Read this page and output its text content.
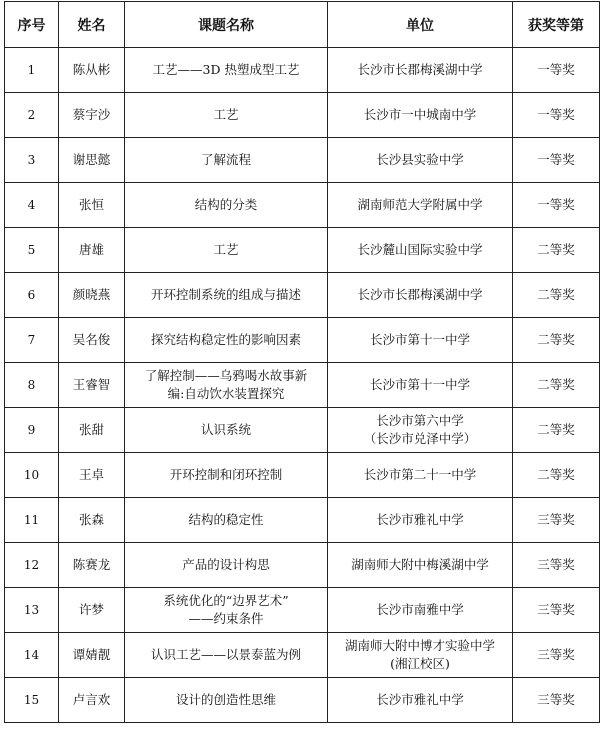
序号	姓名	课题名称	单位	获奖等第
1	陈从彬	工艺——3D 热塑成型工艺	长沙市长郡梅溪湖中学	一等奖
2	蔡宇沙	工艺	长沙市一中城南中学	一等奖
3	谢思懿	了解流程	长沙县实验中学	一等奖
4	张恒	结构的分类	湖南师范大学附属中学	一等奖
5	唐雄	工艺	长沙麓山国际实验中学	二等奖
6	颜晓燕	开环控制系统的组成与描述	长沙市长郡梅溪湖中学	二等奖
7	吴名俊	探究结构稳定性的影响因素	长沙市第十一中学	二等奖
8	王睿智	了解控制——乌鸦喝水故事新
编:自动饮水装置探究	长沙市第十一中学	二等奖
9	张甜	认识系统	长沙市第六中学
（长沙市兑泽中学）	二等奖
10	王卓	开环控制和闭环控制	长沙市第二十一中学	二等奖
11	张森	结构的稳定性	长沙市雅礼中学	三等奖
12	陈赛龙	产品的设计构思	湖南师大附中梅溪湖中学	三等奖
13	许梦	系统优化的“边界艺术”
——约束条件	长沙市南雅中学	三等奖
14	谭婧靓	认识工艺——以景泰蓝为例	湖南师大附中博才实验中学
(湘江校区)	三等奖
15	卢言欢	设计的创造性思维	长沙市雅礼中学	三等奖
